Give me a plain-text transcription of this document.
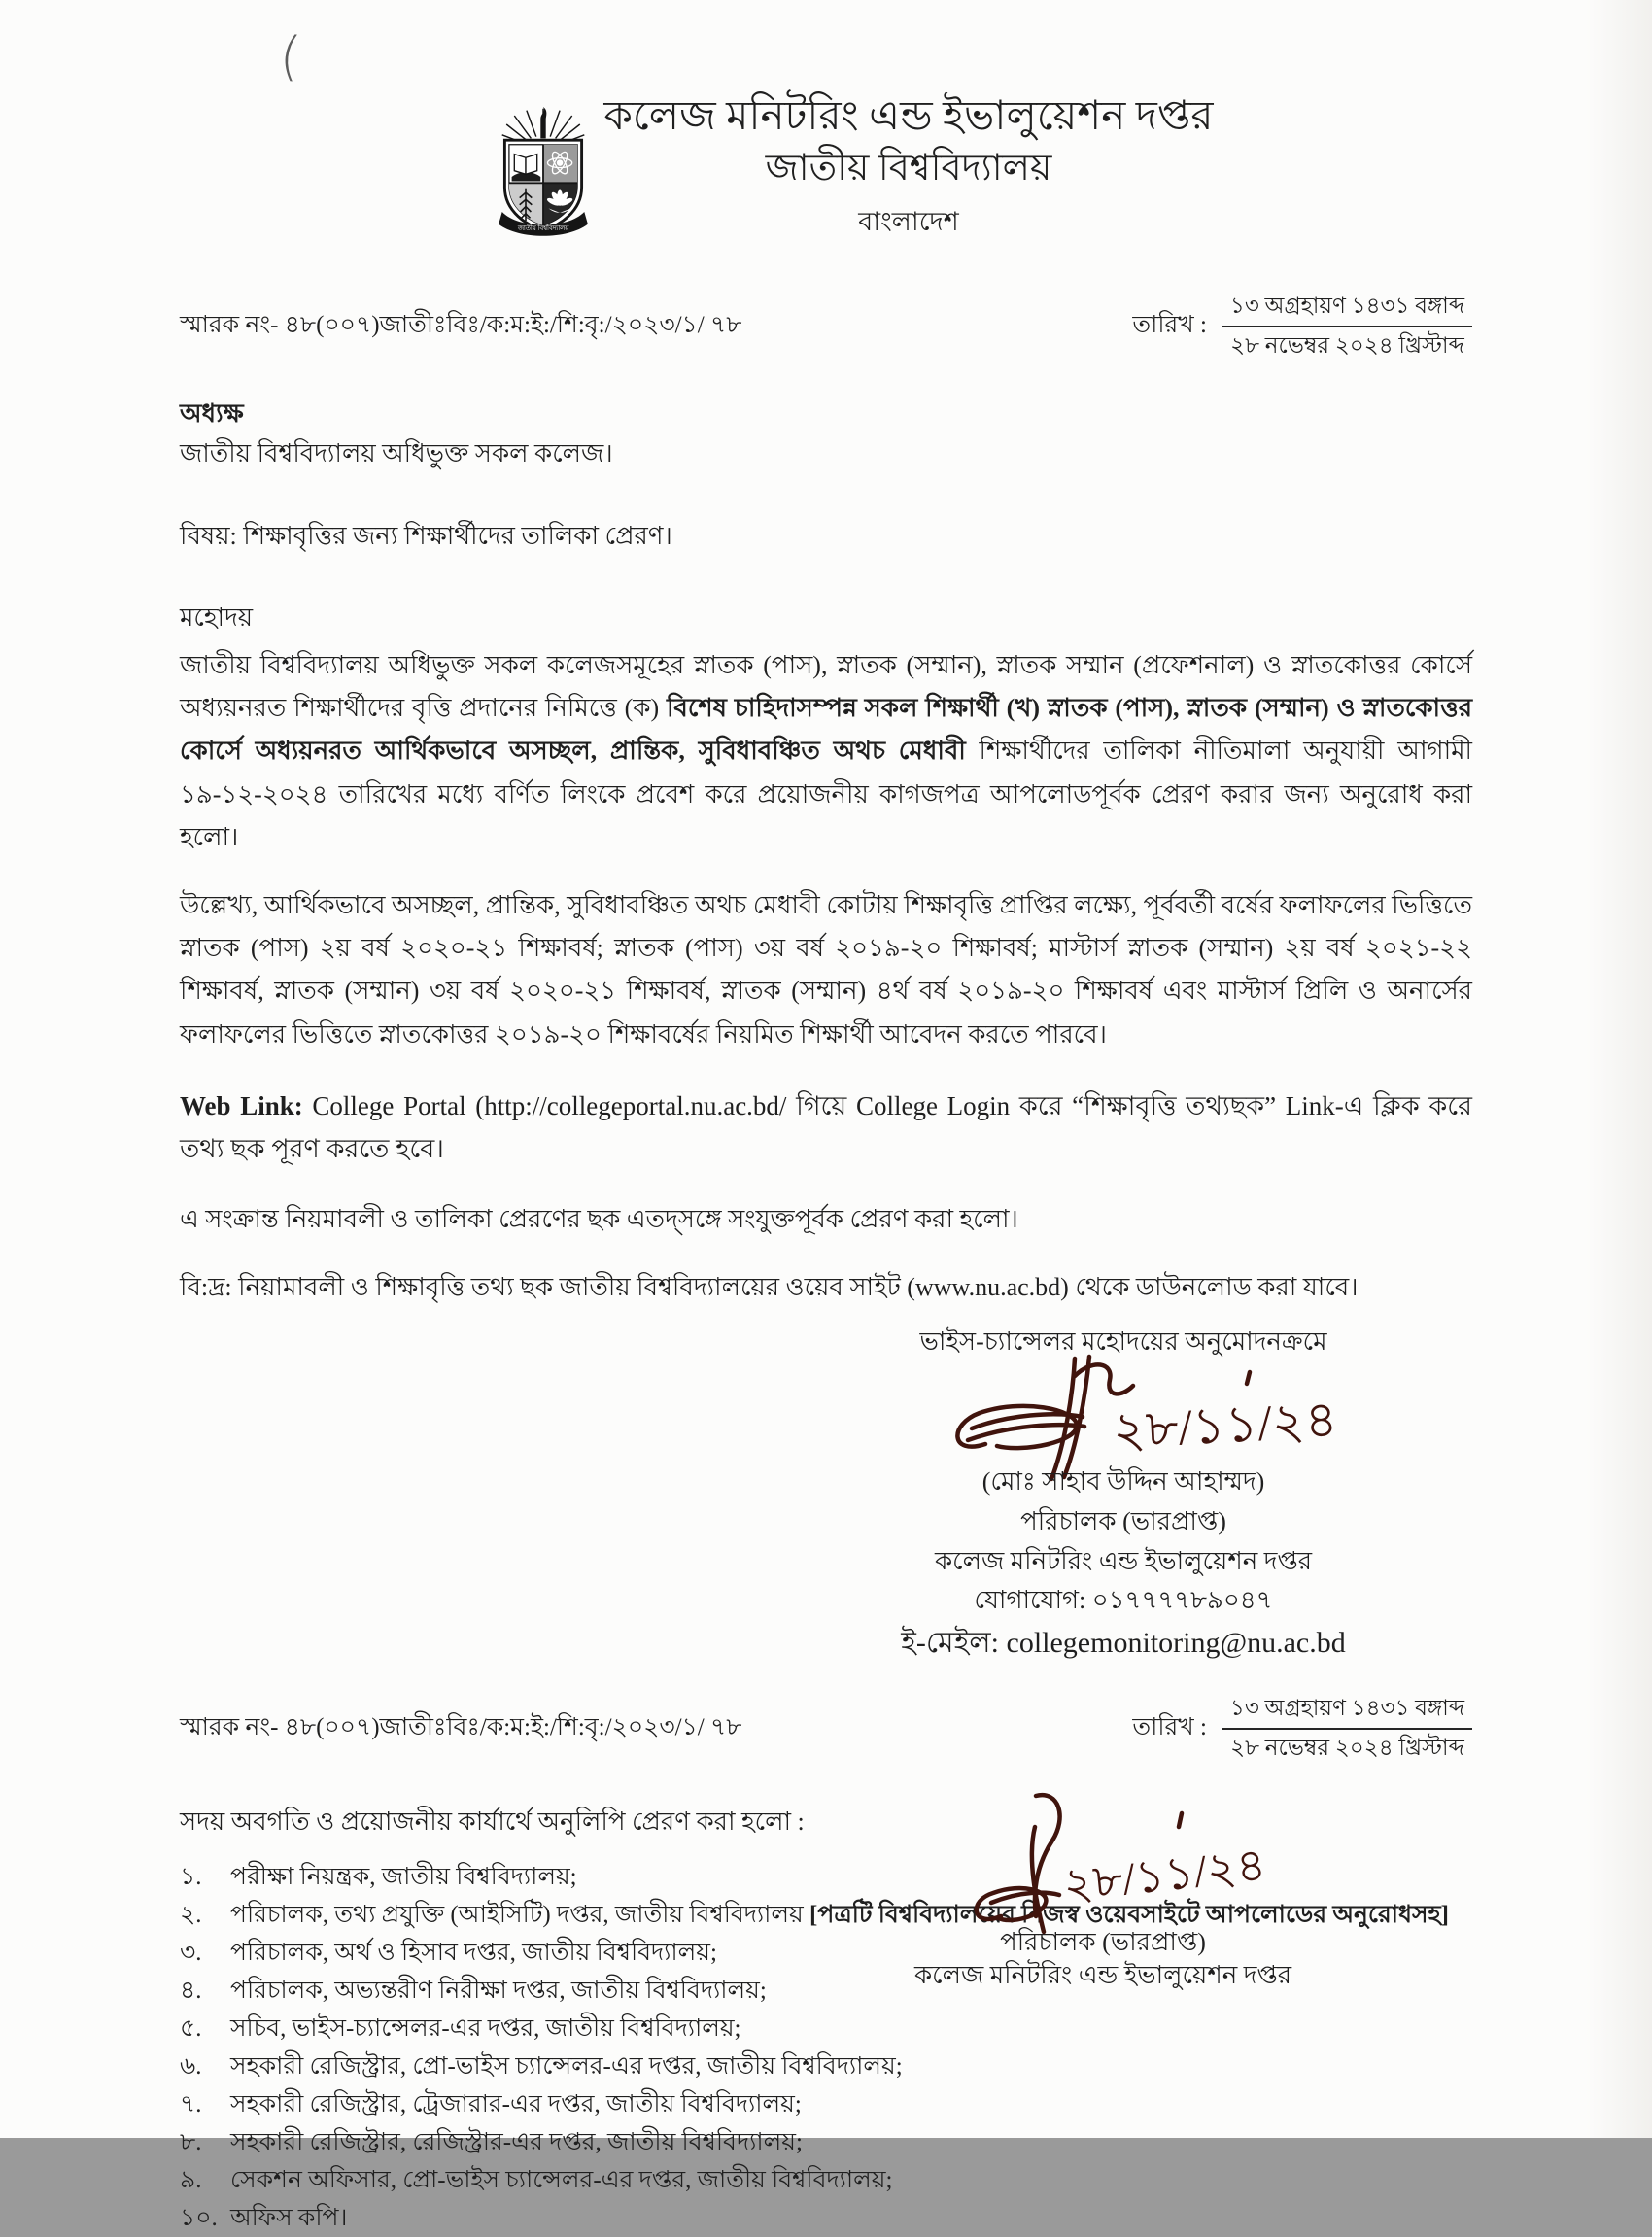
(
জাতীয় বিশ্ববিদ্যালয়
কলেজ মনিটরিং এন্ড ইভালুয়েশন দপ্তর
জাতীয় বিশ্ববিদ্যালয়
বাংলাদেশ
স্মারক নং- ৪৮(০০৭)জাতীঃবিঃ/ক:ম:ই:/শি:বৃ:/২০২৩/১/ ৭৮	তারিখ :
১৩ অগ্রহায়ণ ১৪৩১ বঙ্গাব্দ
২৮ নভেম্বর ২০২৪ খ্রিস্টাব্দ
অধ্যক্ষ
জাতীয় বিশ্ববিদ্যালয় অধিভুক্ত সকল কলেজ।
বিষয়: শিক্ষাবৃত্তির জন্য শিক্ষার্থীদের তালিকা প্রেরণ।
মহোদয়

জাতীয় বিশ্ববিদ্যালয় অধিভুক্ত সকল কলেজসমূহের স্নাতক (পাস), স্নাতক (সম্মান), স্নাতক সম্মান (প্রফেশনাল) ও স্নাতকোত্তর কোর্সে অধ্যয়নরত শিক্ষার্থীদের বৃত্তি প্রদানের নিমিত্তে (ক) বিশেষ চাহিদাসম্পন্ন সকল শিক্ষার্থী (খ) স্নাতক (পাস), স্নাতক (সম্মান) ও স্নাতকোত্তর কোর্সে অধ্যয়নরত আর্থিকভাবে অসচ্ছল, প্রান্তিক, সুবিধাবঞ্চিত অথচ মেধাবী শিক্ষার্থীদের তালিকা নীতিমালা অনুযায়ী আগামী ১৯-১২-২০২৪ তারিখের মধ্যে বর্ণিত লিংকে প্রবেশ করে প্রয়োজনীয় কাগজপত্র আপলোডপূর্বক প্রেরণ করার জন্য অনুরোধ করা হলো।

উল্লেখ্য, আর্থিকভাবে অসচ্ছল, প্রান্তিক, সুবিধাবঞ্চিত অথচ মেধাবী কোটায় শিক্ষাবৃত্তি প্রাপ্তির লক্ষ্যে, পূর্ববর্তী বর্ষের ফলাফলের ভিত্তিতে স্নাতক (পাস) ২য় বর্ষ ২০২০-২১ শিক্ষাবর্ষ; স্নাতক (পাস) ৩য় বর্ষ ২০১৯-২০ শিক্ষাবর্ষ; মাস্টার্স স্নাতক (সম্মান) ২য় বর্ষ ২০২১-২২ শিক্ষাবর্ষ, স্নাতক (সম্মান) ৩য় বর্ষ ২০২০-২১ শিক্ষাবর্ষ, স্নাতক (সম্মান) ৪র্থ বর্ষ ২০১৯-২০ শিক্ষাবর্ষ এবং মাস্টার্স প্রিলি ও অনার্সের ফলাফলের ভিত্তিতে স্নাতকোত্তর ২০১৯-২০ শিক্ষাবর্ষের নিয়মিত শিক্ষার্থী আবেদন করতে পারবে।

Web Link: College Portal (http://collegeportal.nu.ac.bd/ গিয়ে College Login করে “শিক্ষাবৃত্তি তথ্যছক” Link-এ ক্লিক করে তথ্য ছক পূরণ করতে হবে।

এ সংক্রান্ত নিয়মাবলী ও তালিকা প্রেরণের ছক এতদ্‌সঙ্গে সংযুক্তপূর্বক প্রেরণ করা হলো।
বি:দ্র: নিয়ামাবলী ও শিক্ষাবৃত্তি তথ্য ছক জাতীয় বিশ্ববিদ্যালয়ের ওয়েব সাইট (www.nu.ac.bd) থেকে ডাউনলোড করা যাবে।
ভাইস-চ্যান্সেলর মহোদয়ের অনুমোদনক্রমে
২৮/১১/২৪
(মোঃ সাহাব উদ্দিন আহাম্মদ)
পরিচালক (ভারপ্রাপ্ত)
কলেজ মনিটরিং এন্ড ইভালুয়েশন দপ্তর
যোগাযোগ: ০১৭৭৭৭৮৯০৪৭
ই-মেইল: collegemonitoring@nu.ac.bd
স্মারক নং- ৪৮(০০৭)জাতীঃবিঃ/ক:ম:ই:/শি:বৃ:/২০২৩/১/ ৭৮	তারিখ :
১৩ অগ্রহায়ণ ১৪৩১ বঙ্গাব্দ
২৮ নভেম্বর ২০২৪ খ্রিস্টাব্দ
সদয় অবগতি ও প্রয়োজনীয় কার্যার্থে অনুলিপি প্রেরণ করা হলো :
১.	পরীক্ষা নিয়ন্ত্রক, জাতীয় বিশ্ববিদ্যালয়;
২.	পরিচালক, তথ্য প্রযুক্তি (আইসিটি) দপ্তর, জাতীয় বিশ্ববিদ্যালয় [পত্রটি বিশ্ববিদ্যালয়ের নিজস্ব ওয়েবসাইটে আপলোডের অনুরোধসহ]
৩.	পরিচালক, অর্থ ও হিসাব দপ্তর, জাতীয় বিশ্ববিদ্যালয়;
৪.	পরিচালক, অভ্যন্তরীণ নিরীক্ষা দপ্তর, জাতীয় বিশ্ববিদ্যালয়;
৫.	সচিব, ভাইস-চ্যান্সেলর-এর দপ্তর, জাতীয় বিশ্ববিদ্যালয়;
৬.	সহকারী রেজিস্ট্রার, প্রো-ভাইস চ্যান্সেলর-এর দপ্তর, জাতীয় বিশ্ববিদ্যালয়;
৭.	সহকারী রেজিস্ট্রার, ট্রেজারার-এর দপ্তর, জাতীয় বিশ্ববিদ্যালয়;
৮.	সহকারী রেজিস্ট্রার, রেজিস্ট্রার-এর দপ্তর, জাতীয় বিশ্ববিদ্যালয়;
৯.	সেকশন অফিসার, প্রো-ভাইস চ্যান্সেলর-এর দপ্তর, জাতীয় বিশ্ববিদ্যালয়;
১০. অফিস কপি।
২৮/১১/২৪
পরিচালক (ভারপ্রাপ্ত)
কলেজ মনিটরিং এন্ড ইভালুয়েশন দপ্তর
